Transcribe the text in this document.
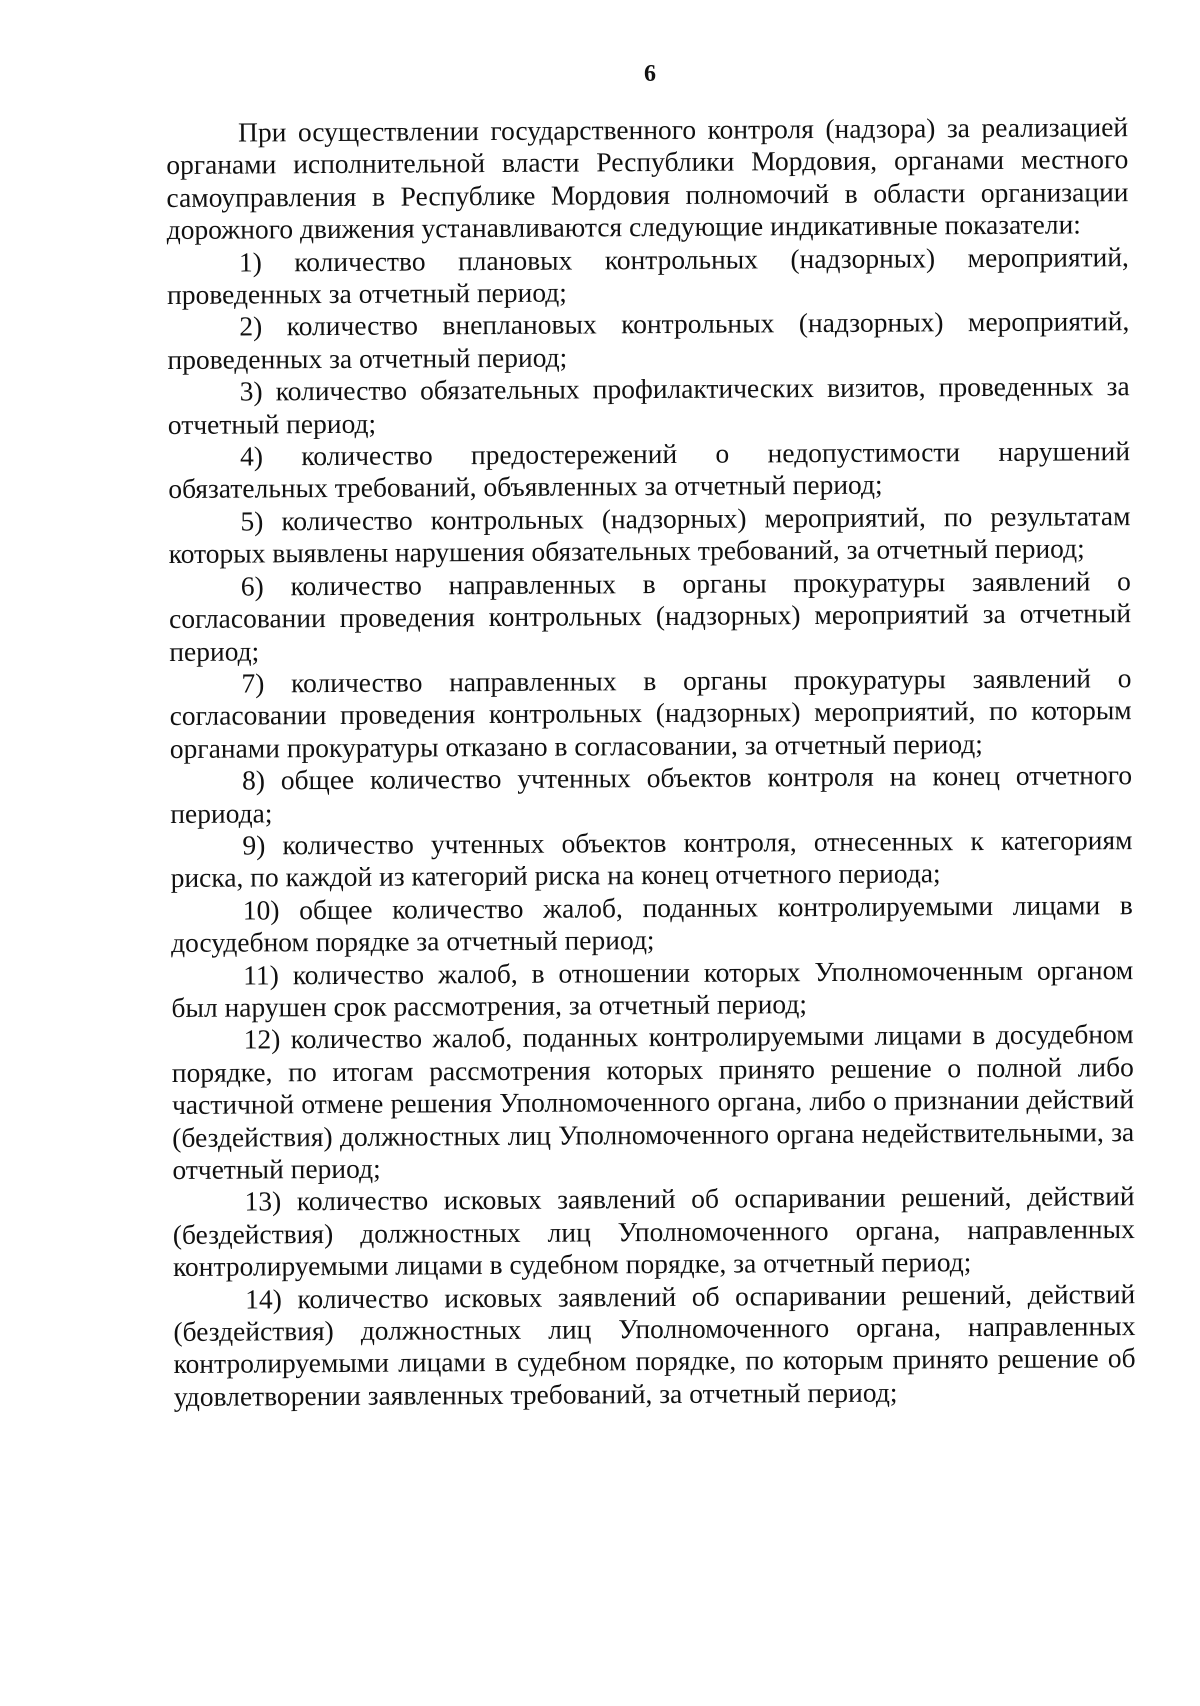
6

При осуществлении государственного контроля (надзора) за реализацией органами исполнительной власти Республики Мордовия, органами местного самоуправления в Республике Мордовия полномочий в области организации дорожного движения устанавливаются следующие индикативные показатели:

1) количество плановых контрольных (надзорных) мероприятий, проведенных за отчетный период;

2) количество внеплановых контрольных (надзорных) мероприятий, проведенных за отчетный период;

3) количество обязательных профилактических визитов, проведенных за отчетный период;

4) количество предостережений о недопустимости нарушений обязательных требований, объявленных за отчетный период;

5) количество контрольных (надзорных) мероприятий, по результатам которых выявлены нарушения обязательных требований, за отчетный период;

6) количество направленных в органы прокуратуры заявлений о согласовании проведения контрольных (надзорных) мероприятий за отчетный период;

7) количество направленных в органы прокуратуры заявлений о согласовании проведения контрольных (надзорных) мероприятий, по которым органами прокуратуры отказано в согласовании, за отчетный период;

8) общее количество учтенных объектов контроля на конец отчетного периода;

9) количество учтенных объектов контроля, отнесенных к категориям риска, по каждой из категорий риска на конец отчетного периода;

10) общее количество жалоб, поданных контролируемыми лицами в досудебном порядке за отчетный период;

11) количество жалоб, в отношении которых Уполномоченным органом был нарушен срок рассмотрения, за отчетный период;

12) количество жалоб, поданных контролируемыми лицами в досудебном порядке, по итогам рассмотрения которых принято решение о полной либо частичной отмене решения Уполномоченного органа, либо о признании действий (бездействия) должностных лиц Уполномоченного органа недействительными, за отчетный период;

13) количество исковых заявлений об оспаривании решений, действий (бездействия) должностных лиц Уполномоченного органа, направленных контролируемыми лицами в судебном порядке, за отчетный период;

14) количество исковых заявлений об оспаривании решений, действий (бездействия) должностных лиц Уполномоченного органа, направленных контролируемыми лицами в судебном порядке, по которым принято решение об удовлетворении заявленных требований, за отчетный период;
